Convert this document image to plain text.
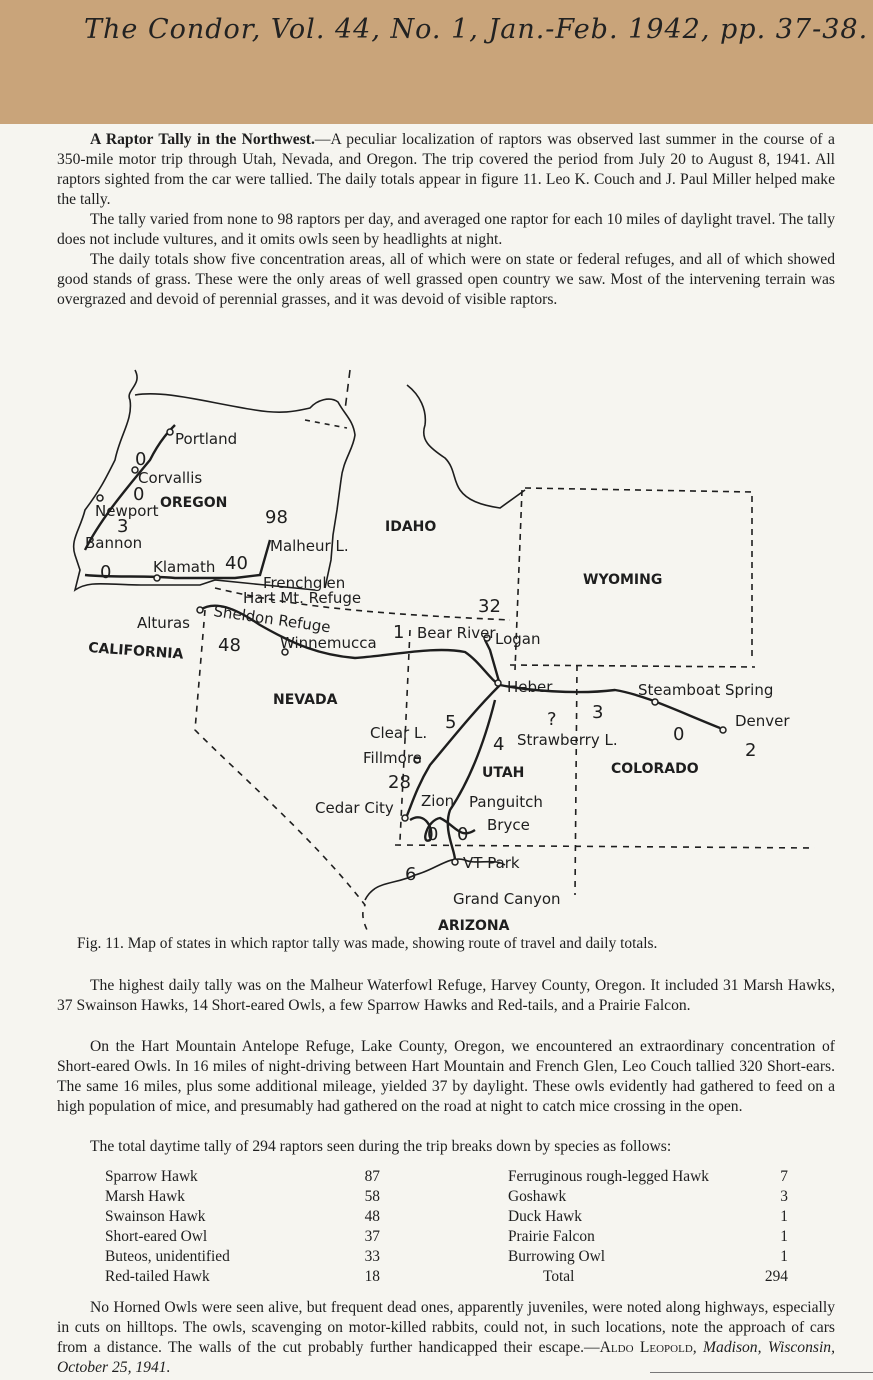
The Condor, Vol. 44, No. 1, Jan.-Feb. 1942, pp. 37-38.

A Raptor Tally in the Northwest.—A peculiar localization of raptors was observed last summer in the course of a 350-mile motor trip through Utah, Nevada, and Oregon. The trip covered the period from July 20 to August 8, 1941. All raptors sighted from the car were tallied. The daily totals appear in figure 11. Leo K. Couch and J. Paul Miller helped make the tally.

The tally varied from none to 98 raptors per day, and averaged one raptor for each 10 miles of daylight travel. The tally does not include vultures, and it omits owls seen by headlights at night.

The daily totals show five concentration areas, all of which were on state or federal refuges, and all of which showed good stands of grass. These were the only areas of well grassed open country we saw. Most of the intervening terrain was overgrazed and devoid of perennial grasses, and it was devoid of visible raptors.

Portland
Corvallis
Newport
Bannon
Klamath
Malheur L.
Frenchglen
Hart Mt. Refuge
Sheldon Refuge
Alturas
Winnemucca
Bear River Logan
Heber	Steamboat Spring
Denver
Clear L.
Fillmore
Strawberry L.
Cedar City Zion Panguitch
Bryce
VT Park
Grand Canyon
OREGON
IDAHO
WYOMING
CALIFORNIA
NEVADA
UTAH	COLORADO
ARIZONA
0
0
3
0
98
40
48
32
1
5
4
28
? 3
0
2
0 0
6
Fig. 11. Map of states in which raptor tally was made, showing route of travel and daily totals.

The highest daily tally was on the Malheur Waterfowl Refuge, Harvey County, Oregon. It included 31 Marsh Hawks, 37 Swainson Hawks, 14 Short-eared Owls, a few Sparrow Hawks and Red-tails, and a Prairie Falcon.

On the Hart Mountain Antelope Refuge, Lake County, Oregon, we encountered an extraordinary concentration of Short-eared Owls. In 16 miles of night-driving between Hart Mountain and French Glen, Leo Couch tallied 320 Short-ears. The same 16 miles, plus some additional mileage, yielded 37 by daylight. These owls evidently had gathered to feed on a high population of mice, and presumably had gathered on the road at night to catch mice crossing in the open.

The total daytime tally of 294 raptors seen during the trip breaks down by species as follows:

Sparrow Hawk	87
Marsh Hawk	58
Swainson Hawk	48
Short-eared Owl	37
Buteos, unidentified	33
Red-tailed Hawk	18
Ferruginous rough-legged Hawk	7
Goshawk	3
Duck Hawk	1
Prairie Falcon	1
Burrowing Owl	1
Total	294

No Horned Owls were seen alive, but frequent dead ones, apparently juveniles, were noted along highways, especially in cuts on hilltops. The owls, scavenging on motor-killed rabbits, could not, in such locations, note the approach of cars from a distance. The walls of the cut probably further handicapped their escape.—Aldo Leopold, Madison, Wisconsin, October 25, 1941.
